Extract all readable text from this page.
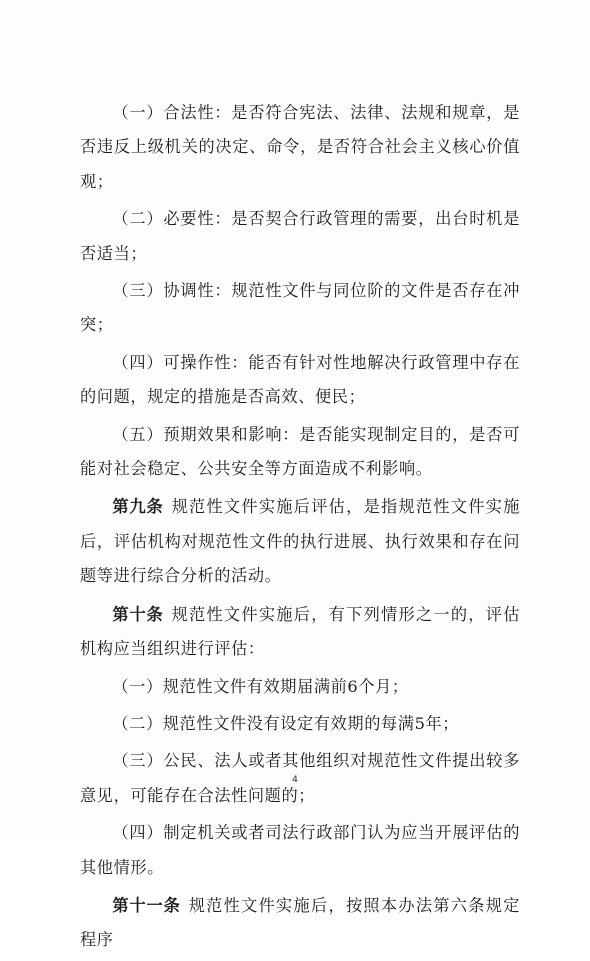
（一）合法性：是否符合宪法、法律、法规和规章，是否违反上级机关的决定、命令，是否符合社会主义核心价值观；

（二）必要性：是否契合行政管理的需要，出台时机是否适当；

（三）协调性：规范性文件与同位阶的文件是否存在冲突；

（四）可操作性：能否有针对性地解决行政管理中存在的问题，规定的措施是否高效、便民；

（五）预期效果和影响：是否能实现制定目的，是否可能对社会稳定、公共安全等方面造成不利影响。

第九条 规范性文件实施后评估，是指规范性文件实施后，评估机构对规范性文件的执行进展、执行效果和存在问题等进行综合分析的活动。

第十条 规范性文件实施后，有下列情形之一的，评估机构应当组织进行评估：

（一）规范性文件有效期届满前6个月；

（二）规范性文件没有设定有效期的每满5年；

（三）公民、法人或者其他组织对规范性文件提出较多意见，可能存在合法性问题的；

（四）制定机关或者司法行政部门认为应当开展评估的其他情形。

第十一条 规范性文件实施后，按照本办法第六条规定程序

4
